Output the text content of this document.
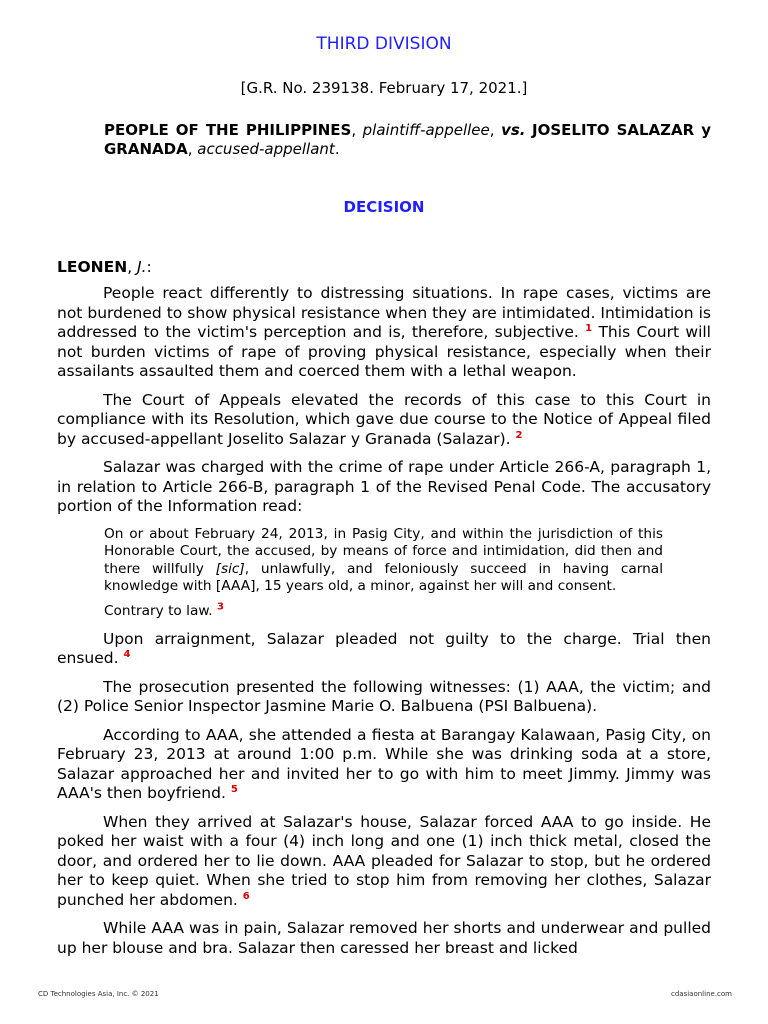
THIRD DIVISION
[G.R. No. 239138. February 17, 2021.]
PEOPLE OF THE PHILIPPINES, plaintiff-appellee, vs. JOSELITO SALAZAR y GRANADA, accused-appellant.
DECISION
LEONEN, J.:

People react differently to distressing situations. In rape cases, victims are not burdened to show physical resistance when they are intimidated. Intimidation is addressed to the victim's perception and is, therefore, subjective. $^1$ This Court will not burden victims of rape of proving physical resistance, especially when their assailants assaulted them and coerced them with a lethal weapon.

The Court of Appeals elevated the records of this case to this Court in compliance with its Resolution, which gave due course to the Notice of Appeal filed by accused-appellant Joselito Salazar y Granada (Salazar). $^2$

Salazar was charged with the crime of rape under Article 266-A, paragraph 1, in relation to Article 266-B, paragraph 1 of the Revised Penal Code. The accusatory portion of the Information read:

On or about February 24, 2013, in Pasig City, and within the jurisdiction of this Honorable Court, the accused, by means of force and intimidation, did then and there willfully [sic], unlawfully, and feloniously succeed in having carnal knowledge with [AAA], 15 years old, a minor, against her will and consent.
Contrary to law. $^3$

Upon arraignment, Salazar pleaded not guilty to the charge. Trial then ensued. $^4$

The prosecution presented the following witnesses: (1) AAA, the victim; and (2) Police Senior Inspector Jasmine Marie O. Balbuena (PSI Balbuena).

According to AAA, she attended a fiesta at Barangay Kalawaan, Pasig City, on February 23, 2013 at around 1:00 p.m. While she was drinking soda at a store, Salazar approached her and invited her to go with him to meet Jimmy. Jimmy was AAA's then boyfriend. $^5$

When they arrived at Salazar's house, Salazar forced AAA to go inside. He poked her waist with a four (4) inch long and one (1) inch thick metal, closed the door, and ordered her to lie down. AAA pleaded for Salazar to stop, but he ordered her to keep quiet. When she tried to stop him from removing her clothes, Salazar punched her abdomen. $^6$

While AAA was in pain, Salazar removed her shorts and underwear and pulled up her blouse and bra. Salazar then caressed her breast and licked

CD Technologies Asia, Inc. © 2021	cdasiaonline.com
